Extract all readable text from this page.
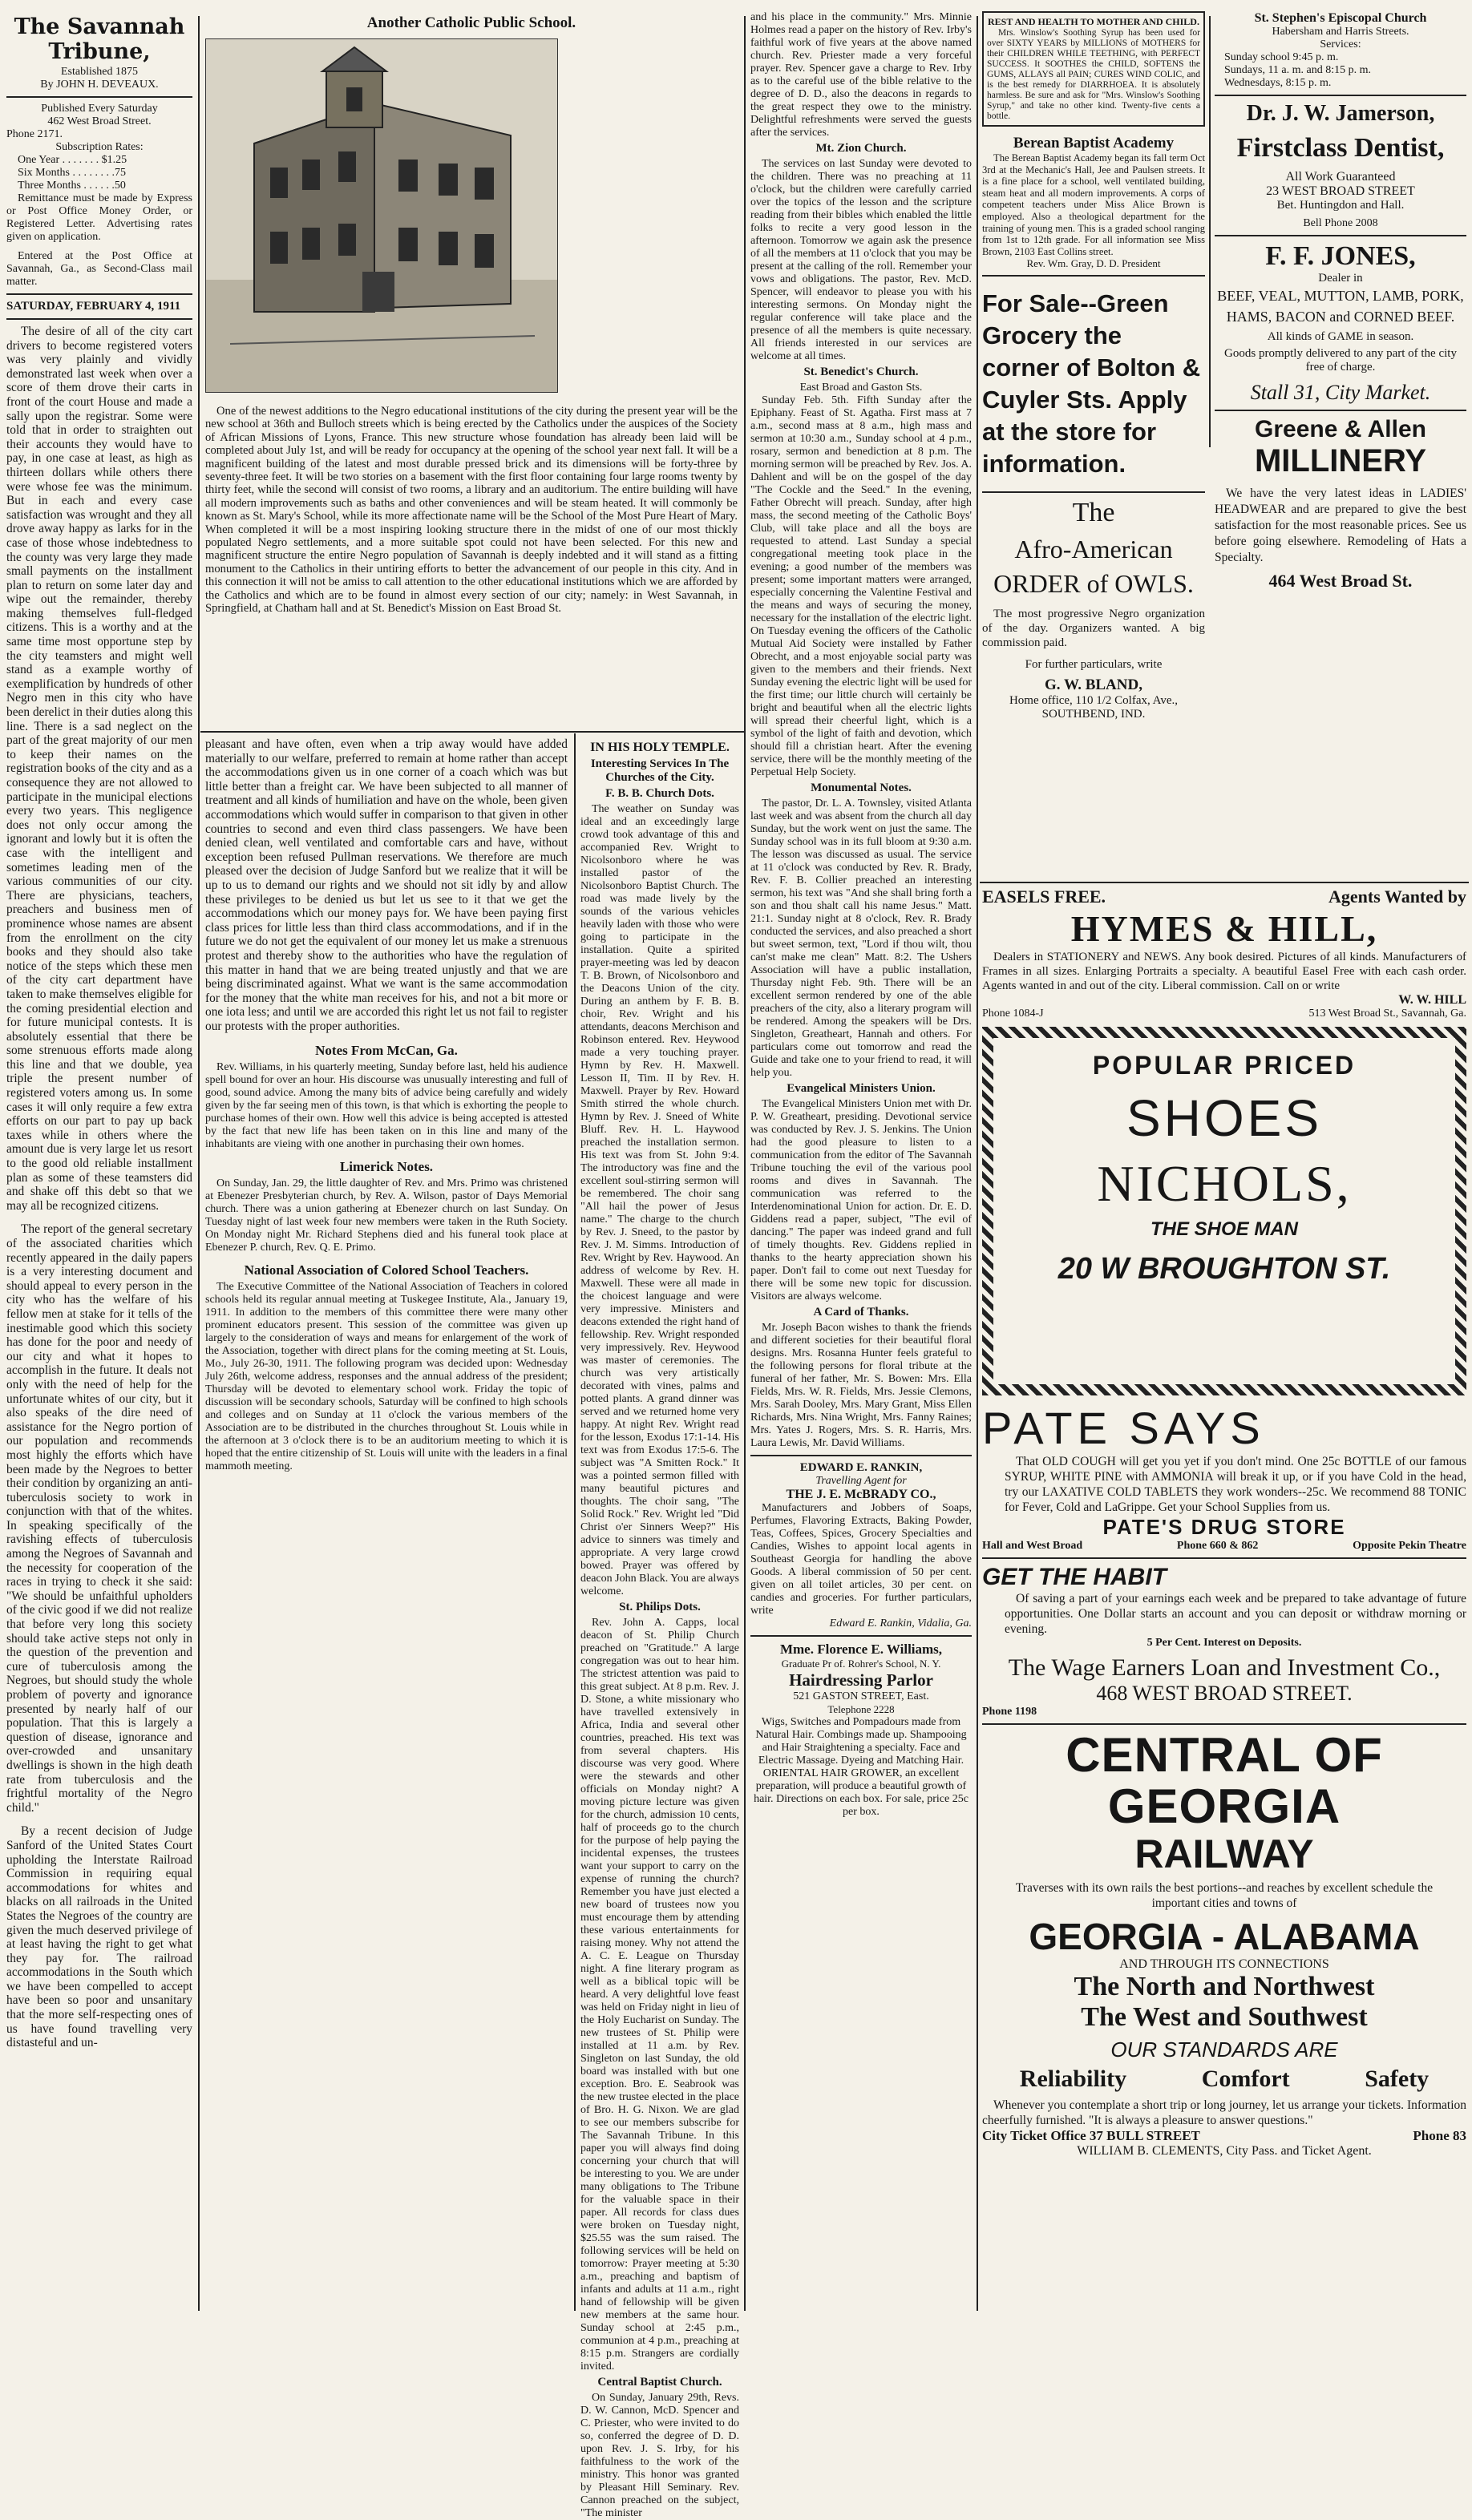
The Savannah Tribune,
Established 1875
By JOHN H. DEVEAUX.
Published Every Saturday
462 West Broad Street.
Phone 2171.
Subscription Rates:
One Year . . . . . . . $1.25
Six Months . . . . . . . .75
Three Months . . . . . .50

Remittance must be made by Express or Post Office Money Order, or Registered Letter. Advertising rates given on application.

Entered at the Post Office at Savannah, Ga., as Second-Class mail matter.

SATURDAY, FEBRUARY 4, 1911

The desire of all of the city cart drivers to become registered voters was very plainly and vividly demonstrated last week when over a score of them drove their carts in front of the court House and made a sally upon the registrar. Some were told that in order to straighten out their accounts they would have to pay, in one case at least, as high as thirteen dollars while others there were whose fee was the minimum. But in each and every case satisfaction was wrought and they all drove away happy as larks for in the case of those whose indebtedness to the county was very large they made small payments on the installment plan to return on some later day and wipe out the remainder, thereby making themselves full-fledged citizens. This is a worthy and at the same time most opportune step by the city teamsters and might well stand as a example worthy of exemplification by hundreds of other Negro men in this city who have been derelict in their duties along this line. There is a sad neglect on the part of the great majority of our men to keep their names on the registration books of the city and as a consequence they are not allowed to participate in the municipal elections every two years. This negligence does not only occur among the ignorant and lowly but it is often the case with the intelligent and sometimes leading men of the various communities of our city. There are physicians, teachers, preachers and business men of prominence whose names are absent from the enrollment on the city books and they should also take notice of the steps which these men of the city cart department have taken to make themselves eligible for the coming presidential election and for future municipal contests. It is absolutely essential that there be some strenuous efforts made along this line and that we double, yea triple the present number of registered voters among us. In some cases it will only require a few extra efforts on our part to pay up back taxes while in others where the amount due is very large let us resort to the good old reliable installment plan as some of these teamsters did and shake off this debt so that we may all be recognized citizens.

The report of the general secretary of the associated charities which recently appeared in the daily papers is a very interesting document and should appeal to every person in the city who has the welfare of his fellow men at stake for it tells of the inestimable good which this society has done for the poor and needy of our city and what it hopes to accomplish in the future. It deals not only with the need of help for the unfortunate whites of our city, but it also speaks of the dire need of assistance for the Negro portion of our population and recommends most highly the efforts which have been made by the Negroes to better their condition by organizing an anti-tuberculosis society to work in conjunction with that of the whites. In speaking specifically of the ravishing effects of tuberculosis among the Negroes of Savannah and the necessity for cooperation of the races in trying to check it she said: "We should be unfaithful upholders of the civic good if we did not realize that before very long this society should take active steps not only in the question of the prevention and cure of tuberculosis among the Negroes, but should study the whole problem of poverty and ignorance presented by nearly half of our population. That this is largely a question of disease, ignorance and over-crowded and unsanitary dwellings is shown in the high death rate from tuberculosis and the frightful mortality of the Negro child."

By a recent decision of Judge Sanford of the United States Court upholding the Interstate Railroad Commission in requiring equal accommodations for whites and blacks on all railroads in the United States the Negroes of the country are given the much deserved privilege of at least having the right to get what they pay for. The railroad accommodations in the South which we have been compelled to accept have been so poor and unsanitary that the more self-respecting ones of us have found travelling very distasteful and un-

Another Catholic Public School.

One of the newest additions to the Negro educational institutions of the city during the present year will be the new school at 36th and Bulloch streets which is being erected by the Catholics under the auspices of the Society of African Missions of Lyons, France. This new structure whose foundation has already been laid will be completed about July 1st, and will be ready for occupancy at the opening of the school year next fall. It will be a magnificent building of the latest and most durable pressed brick and its dimensions will be forty-three by seventy-three feet. It will be two stories on a basement with the first floor containing four large rooms twenty by thirty feet, while the second will consist of two rooms, a library and an auditorium. The entire building will have all modern improvements such as baths and other conveniences and will be steam heated. It will commonly be known as St. Mary's School, while its more affectionate name will be the School of the Most Pure Heart of Mary. When completed it will be a most inspiring looking structure there in the midst of one of our most thickly populated Negro settlements, and a more suitable spot could not have been selected. For this new and magnificent structure the entire Negro population of Savannah is deeply indebted and it will stand as a fitting monument to the Catholics in their untiring efforts to better the advancement of our people in this city. And in this connection it will not be amiss to call attention to the other educational institutions which we are afforded by the Catholics and which are to be found in almost every section of our city; namely: in West Savannah, in Springfield, at Chatham hall and at St. Benedict's Mission on East Broad St.

pleasant and have often, even when a trip away would have added materially to our welfare, preferred to remain at home rather than accept the accommodations given us in one corner of a coach which was but little better than a freight car. We have been subjected to all manner of treatment and all kinds of humiliation and have on the whole, been given accommodations which would suffer in comparison to that given in other countries to second and even third class passengers. We have been denied clean, well ventilated and comfortable cars and have, without exception been refused Pullman reservations. We therefore are much pleased over the decision of Judge Sanford but we realize that it will be up to us to demand our rights and we should not sit idly by and allow these privileges to be denied us but let us see to it that we get the accommodations which our money pays for. We have been paying first class prices for little less than third class accommodations, and if in the future we do not get the equivalent of our money let us make a strenuous protest and thereby show to the authorities who have the regulation of this matter in hand that we are being treated unjustly and that we are being discriminated against. What we want is the same accommodation for the money that the white man receives for his, and not a bit more or one iota less; and until we are accorded this right let us not fail to register our protests with the proper authorities.

Notes From McCan, Ga.

Rev. Williams, in his quarterly meeting, Sunday before last, held his audience spell bound for over an hour. His discourse was unusually interesting and full of good, sound advice. Among the many bits of advice being carefully and widely given by the far seeing men of this town, is that which is exhorting the people to purchase homes of their own. How well this advice is being accepted is attested by the fact that new life has been taken on in this line and many of the inhabitants are vieing with one another in purchasing their own homes.

Limerick Notes.

On Sunday, Jan. 29, the little daughter of Rev. and Mrs. Primo was christened at Ebenezer Presbyterian church, by Rev. A. Wilson, pastor of Days Memorial church. There was a union gathering at Ebenezer church on last Sunday. On Tuesday night of last week four new members were taken in the Ruth Society. On Monday night Mr. Richard Stephens died and his funeral took place at Ebenezer P. church, Rev. Q. E. Primo.

National Association of Colored School Teachers.

The Executive Committee of the National Association of Teachers in colored schools held its regular annual meeting at Tuskegee Institute, Ala., January 19, 1911. In addition to the members of this committee there were many other prominent educators present. This session of the committee was given up largely to the consideration of ways and means for enlargement of the work of the Association, together with direct plans for the coming meeting at St. Louis, Mo., July 26-30, 1911. The following program was decided upon: Wednesday July 26th, welcome address, responses and the annual address of the president; Thursday will be devoted to elementary school work. Friday the topic of discussion will be secondary schools, Saturday will be confined to high schools and colleges and on Sunday at 11 o'clock the various members of the Association are to be distributed in the churches throughout St. Louis while in the afternoon at 3 o'clock there is to be an auditorium meeting to which it is hoped that the entire citizenship of St. Louis will unite with the leaders in a final mammoth meeting.

IN HIS HOLY TEMPLE.
Interesting Services In The Churches of the City.
F. B. B. Church Dots.

The weather on Sunday was ideal and an exceedingly large crowd took advantage of this and accompanied Rev. Wright to Nicolsonboro where he was installed pastor of the Nicolsonboro Baptist Church. The road was made lively by the sounds of the various vehicles heavily laden with those who were going to participate in the installation. Quite a spirited prayer-meeting was led by deacon T. B. Brown, of Nicolsonboro and the Deacons Union of the city. During an anthem by F. B. B. choir, Rev. Wright and his attendants, deacons Merchison and Robinson entered. Rev. Heywood made a very touching prayer. Hymn by Rev. H. Maxwell. Lesson II, Tim. II by Rev. H. Maxwell. Prayer by Rev. Howard Smith stirred the whole church. Hymn by Rev. J. Sneed of White Bluff. Rev. H. L. Haywood preached the installation sermon. His text was from St. John 9:4. The introductory was fine and the excellent soul-stirring sermon will be remembered. The choir sang "All hail the power of Jesus name." The charge to the church by Rev. J. Sneed, to the pastor by Rev. J. M. Simms. Introduction of Rev. Wright by Rev. Haywood. An address of welcome by Rev. H. Maxwell. These were all made in the choicest language and were very impressive. Ministers and deacons extended the right hand of fellowship. Rev. Wright responded very impressively. Rev. Heywood was master of ceremonies. The church was very artistically decorated with vines, palms and potted plants. A grand dinner was served and we returned home very happy. At night Rev. Wright read for the lesson, Exodus 17:1-14. His text was from Exodus 17:5-6. The subject was "A Smitten Rock." It was a pointed sermon filled with many beautiful pictures and thoughts. The choir sang, "The Solid Rock." Rev. Wright led "Did Christ o'er Sinners Weep?" His advice to sinners was timely and appropriate. A very large crowd bowed. Prayer was offered by deacon John Black. You are always welcome.

St. Philips Dots.

Rev. John A. Capps, local deacon of St. Philip Church preached on "Gratitude." A large congregation was out to hear him. The strictest attention was paid to this great subject. At 8 p.m. Rev. J. D. Stone, a white missionary who have travelled extensively in Africa, India and several other countries, preached. His text was from several chapters. His discourse was very good. Where were the stewards and other officials on Monday night? A moving picture lecture was given for the church, admission 10 cents, half of proceeds go to the church for the purpose of help paying the incidental expenses, the trustees want your support to carry on the expense of running the church? Remember you have just elected a new board of trustees now you must encourage them by attending these various entertainments for raising money. Why not attend the A. C. E. League on Thursday night. A fine literary program as well as a biblical topic will be heard. A very delightful love feast was held on Friday night in lieu of the Holy Eucharist on Sunday. The new trustees of St. Philip were installed at 11 a.m. by Rev. Singleton on last Sunday, the old board was installed with but one exception. Bro. E. Seabrook was the new trustee elected in the place of Bro. H. G. Nixon. We are glad to see our members subscribe for The Savannah Tribune. In this paper you will always find doing concerning your church that will be interesting to you. We are under many obligations to The Tribune for the valuable space in their paper. All records for class dues were broken on Tuesday night, $25.55 was the sum raised. The following services will be held on tomorrow: Prayer meeting at 5:30 a.m., preaching and baptism of infants and adults at 11 a.m., right hand of fellowship will be given new members at the same hour. Sunday school at 2:45 p.m., communion at 4 p.m., preaching at 8:15 p.m. Strangers are cordially invited.

Central Baptist Church.

On Sunday, January 29th, Revs. D. W. Cannon, McD. Spencer and C. Priester, who were invited to do so, conferred the degree of D. D. upon Rev. J. S. Irby, for his faithfulness to the work of the ministry. This honor was granted by Pleasant Hill Seminary. Rev. Cannon preached on the subject, "The minister

and his place in the community." Mrs. Minnie Holmes read a paper on the history of Rev. Irby's faithful work of five years at the above named church. Rev. Priester made a very forceful prayer. Rev. Spencer gave a charge to Rev. Irby as to the careful use of the bible relative to the degree of D. D., also the deacons in regards to the great respect they owe to the ministry. Delightful refreshments were served the guests after the services.

Mt. Zion Church.

The services on last Sunday were devoted to the children. There was no preaching at 11 o'clock, but the children were carefully carried over the topics of the lesson and the scripture reading from their bibles which enabled the little folks to recite a very good lesson in the afternoon. Tomorrow we again ask the presence of all the members at 11 o'clock that you may be present at the calling of the roll. Remember your vows and obligations. The pastor, Rev. McD. Spencer, will endeavor to please you with his interesting sermons. On Monday night the regular conference will take place and the presence of all the members is quite necessary. All friends interested in our services are welcome at all times.

St. Benedict's Church.
East Broad and Gaston Sts.

Sunday Feb. 5th. Fifth Sunday after the Epiphany. Feast of St. Agatha. First mass at 7 a.m., second mass at 8 a.m., high mass and sermon at 10:30 a.m., Sunday school at 4 p.m., rosary, sermon and benediction at 8 p.m. The morning sermon will be preached by Rev. Jos. A. Dahlent and will be on the gospel of the day "The Cockle and the Seed." In the evening, Father Obrecht will preach. Sunday, after high mass, the second meeting of the Catholic Boys' Club, will take place and all the boys are requested to attend. Last Sunday a special congregational meeting took place in the evening; a good number of the members was present; some important matters were arranged, especially concerning the Valentine Festival and the means and ways of securing the money, necessary for the installation of the electric light. On Tuesday evening the officers of the Catholic Mutual Aid Society were installed by Father Obrecht, and a most enjoyable social party was given to the members and their friends. Next Sunday evening the electric light will be used for the first time; our little church will certainly be bright and beautiful when all the electric lights will spread their cheerful light, which is a symbol of the light of faith and devotion, which should fill a christian heart. After the evening service, there will be the monthly meeting of the Perpetual Help Society.

Monumental Notes.

The pastor, Dr. L. A. Townsley, visited Atlanta last week and was absent from the church all day Sunday, but the work went on just the same. The Sunday school was in its full bloom at 9:30 a.m. The lesson was discussed as usual. The service at 11 o'clock was conducted by Rev. R. Brady, Rev. F. B. Collier preached an interesting sermon, his text was "And she shall bring forth a son and thou shalt call his name Jesus." Matt. 21:1. Sunday night at 8 o'clock, Rev. R. Brady conducted the services, and also preached a short but sweet sermon, text, "Lord if thou wilt, thou can'st make me clean" Matt. 8:2. The Ushers Association will have a public installation, Thursday night Feb. 9th. There will be an excellent sermon rendered by one of the able preachers of the city, also a literary program will be rendered. Among the speakers will be Drs. Singleton, Greatheart, Hannah and others. For particulars come out tomorrow and read the Guide and take one to your friend to read, it will help you.

Evangelical Ministers Union.

The Evangelical Ministers Union met with Dr. P. W. Greatheart, presiding. Devotional service was conducted by Rev. J. S. Jenkins. The Union had the good pleasure to listen to a communication from the editor of The Savannah Tribune touching the evil of the various pool rooms and dives in Savannah. The communication was referred to the Interdenominational Union for action. Dr. E. D. Giddens read a paper, subject, "The evil of dancing." The paper was indeed grand and full of timely thoughts. Rev. Giddens replied in thanks to the hearty appreciation shown his paper. Don't fail to come out next Tuesday for there will be some new topic for discussion. Visitors are always welcome.

A Card of Thanks.

Mr. Joseph Bacon wishes to thank the friends and different societies for their beautiful floral designs. Mrs. Rosanna Hunter feels grateful to the following persons for floral tribute at the funeral of her father, Mr. S. Bowen: Mrs. Ella Fields, Mrs. W. R. Fields, Mrs. Jessie Clemons, Mrs. Sarah Dooley, Mrs. Mary Grant, Miss Ellen Richards, Mrs. Nina Wright, Mrs. Fanny Raines; Mrs. Yates J. Rogers, Mrs. S. R. Harris, Mrs. Laura Lewis, Mr. David Williams.

EDWARD E. RANKIN,
Travelling Agent for
THE J. E. McBRADY CO.,

Manufacturers and Jobbers of Soaps, Perfumes, Flavoring Extracts, Baking Powder, Teas, Coffees, Spices, Grocery Specialties and Candies, Wishes to appoint local agents in Southeast Georgia for handling the above Goods. A liberal commission of 50 per cent. given on all toilet articles, 30 per cent. on candies and groceries. For further particulars, write

Edward E. Rankin, Vidalia, Ga.
Mme. Florence E. Williams,
Graduate Pr of. Rohrer's School, N. Y.
Hairdressing Parlor
521 GASTON STREET, East.
Telephone 2228

Wigs, Switches and Pompadours made from Natural Hair. Combings made up. Shampooing and Hair Straightening a specialty. Face and Electric Massage. Dyeing and Matching Hair. ORIENTAL HAIR GROWER, an excellent preparation, will produce a beautiful growth of hair. Directions on each box. For sale, price 25c per box.

REST AND HEALTH TO MOTHER AND CHILD.

Mrs. Winslow's Soothing Syrup has been used for over SIXTY YEARS by MILLIONS of MOTHERS for their CHILDREN WHILE TEETHING, with PERFECT SUCCESS. It SOOTHES the CHILD, SOFTENS the GUMS, ALLAYS all PAIN; CURES WIND COLIC, and is the best remedy for DIARRHOEA. It is absolutely harmless. Be sure and ask for "Mrs. Winslow's Soothing Syrup," and take no other kind. Twenty-five cents a bottle.

Berean Baptist Academy

The Berean Baptist Academy began its fall term Oct 3rd at the Mechanic's Hall, Jee and Paulsen streets. It is a fine place for a school, well ventilated building, steam heat and all modern improvements. A corps of competent teachers under Miss Alice Brown is employed. Also a theological department for the training of young men. This is a graded school ranging from 1st to 12th grade. For all information see Miss Brown, 2103 East Collins street.

Rev. Wm. Gray, D. D. President
For Sale--Green Grocery the corner of Bolton & Cuyler Sts. Apply at the store for information.
The
Afro-American
ORDER of OWLS.

The most progressive Negro organization of the day. Organizers wanted. A big commission paid.

For further particulars, write
G. W. BLAND,
Home office, 110 1/2 Colfax, Ave.,
SOUTHBEND, IND.
St. Stephen's Episcopal Church
Habersham and Harris Streets.
Services:
Sunday school 9:45 p. m.
Sundays, 11 a. m. and 8:15 p. m.
Wednesdays, 8:15 p. m.
Dr. J. W. Jamerson,
Firstclass Dentist,
All Work Guaranteed
23 WEST BROAD STREET
Bet. Huntingdon and Hall.
Bell Phone 2008
F. F. JONES,
Dealer in
BEEF, VEAL, MUTTON, LAMB, PORK, HAMS, BACON and CORNED BEEF.
All kinds of GAME in season.
Goods promptly delivered to any part of the city free of charge.
Stall 31, City Market.
Greene & Allen
MILLINERY

We have the very latest ideas in LADIES' HEADWEAR and are prepared to give the best satisfaction for the most reasonable prices. See us before going elsewhere. Remodeling of Hats a Specialty.

464 West Broad St.
EASELS FREE.	Agents Wanted by
HYMES & HILL,

Dealers in STATIONERY and NEWS. Any book desired. Pictures of all kinds. Manufacturers of Frames in all sizes. Enlarging Portraits a specialty. A beautiful Easel Free with each cash order. Agents wanted in and out of the city. Liberal commission. Call on or write

W. W. HILL
Phone 1084-J	513 West Broad St., Savannah, Ga.
POPULAR PRICED
SHOES
NICHOLS,
THE SHOE MAN
20 W BROUGHTON ST.
PATE SAYS

That OLD COUGH will get you yet if you don't mind. One 25c BOTTLE of our famous SYRUP, WHITE PINE with AMMONIA will break it up, or if you have Cold in the head, try our LAXATIVE COLD TABLETS they work wonders--25c. We recommend 88 TONIC for Fever, Cold and LaGrippe. Get your School Supplies from us.

PATE'S DRUG STORE
Hall and West Broad	Phone 660 & 862	Opposite Pekin Theatre
GET THE HABIT

Of saving a part of your earnings each week and be prepared to take advantage of future opportunities. One Dollar starts an account and you can deposit or withdraw morning or evening.

5 Per Cent. Interest on Deposits.
The Wage Earners Loan and Investment Co.,
468 WEST BROAD STREET.
Phone 1198
CENTRAL OF GEORGIA
RAILWAY

Traverses with its own rails the best portions--and reaches by excellent schedule the important cities and towns of

GEORGIA - ALABAMA
AND THROUGH ITS CONNECTIONS
The North and Northwest
The West and Southwest
OUR STANDARDS ARE
Reliability	Comfort	Safety

Whenever you contemplate a short trip or long journey, let us arrange your tickets. Information cheerfully furnished. "It is always a pleasure to answer questions."

City Ticket Office 37 BULL STREET	Phone 83
WILLIAM B. CLEMENTS, City Pass. and Ticket Agent.
